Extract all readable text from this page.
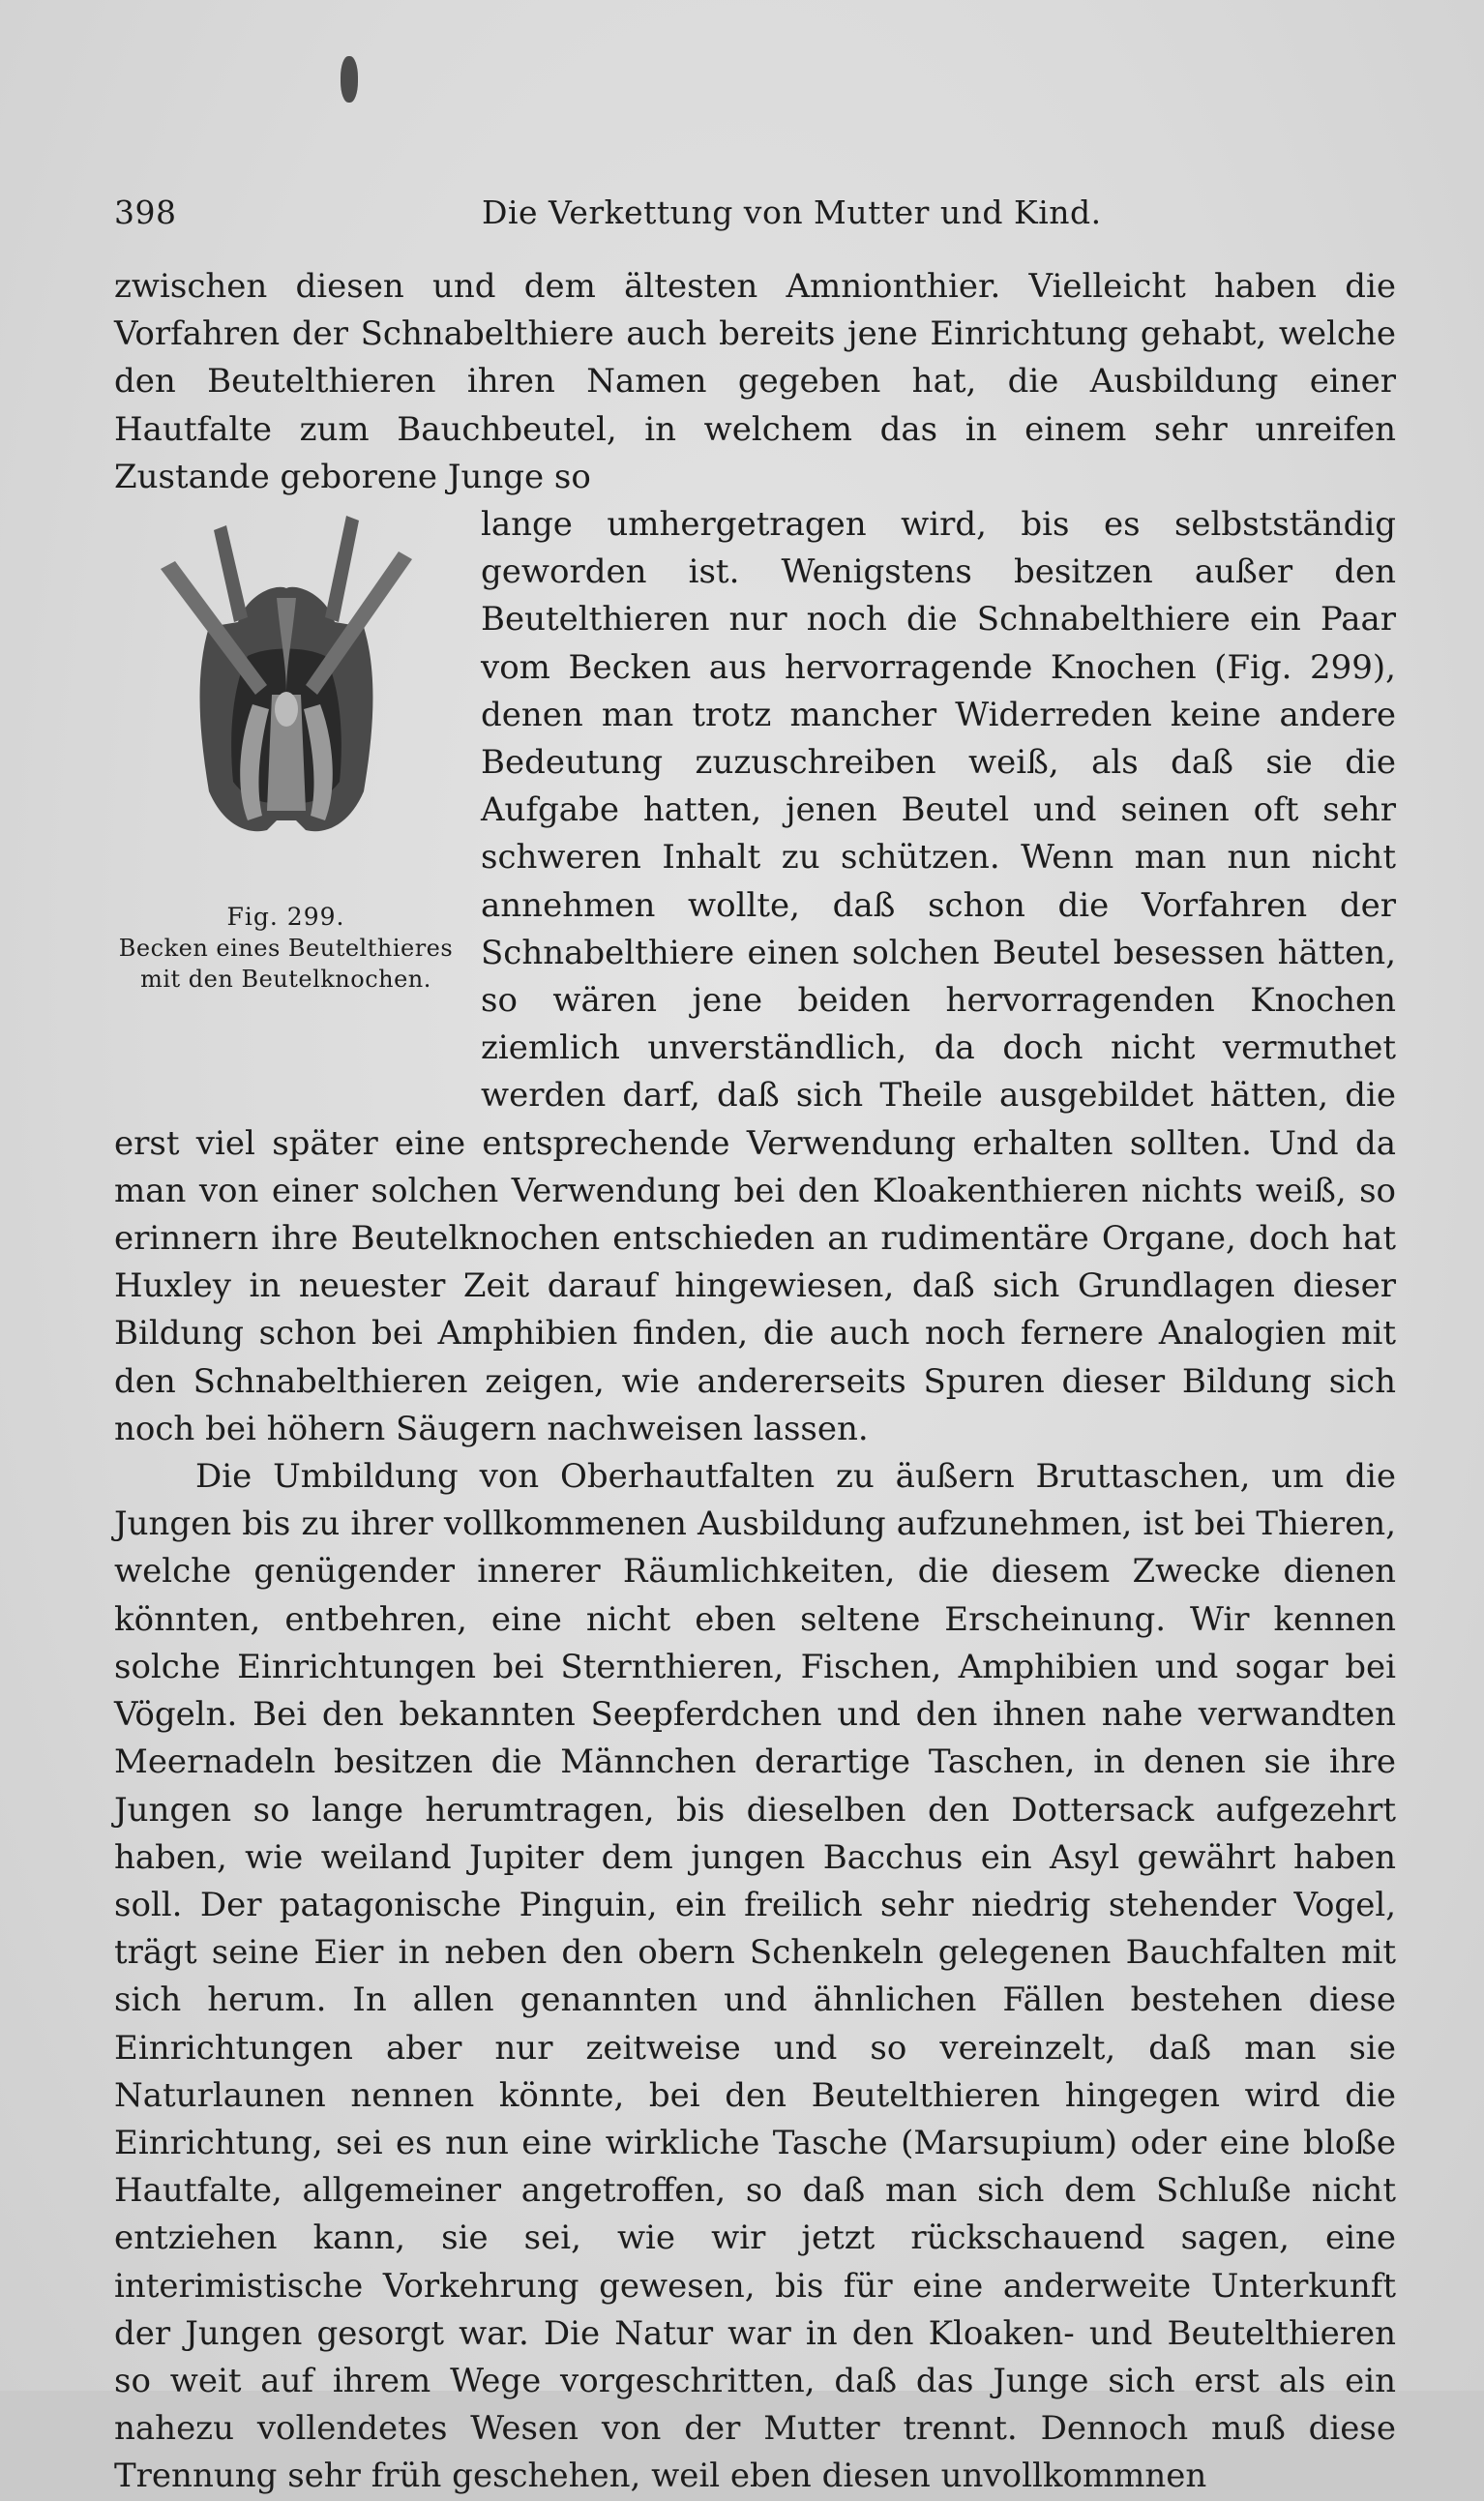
398	Die Verkettung von Mutter und Kind.

zwischen diesen und dem ältesten Amnionthier. Vielleicht haben die Vorfahren der Schnabelthiere auch bereits jene Einrichtung gehabt, welche den Beutelthieren ihren Namen gegeben hat, die Ausbildung einer Hautfalte zum Bauchbeutel, in welchem das in einem sehr unreifen Zustande geborene Junge so

Fig. 299.
Becken eines Beutelthieres
mit den Beutelknochen.

lange umhergetragen wird, bis es selbstständig geworden ist. Wenigstens besitzen außer den Beutelthieren nur noch die Schnabelthiere ein Paar vom Becken aus hervorragende Knochen (Fig. 299), denen man trotz mancher Widerreden keine andere Bedeutung zuzuschreiben weiß, als daß sie die Aufgabe hatten, jenen Beutel und seinen oft sehr schweren Inhalt zu schützen. Wenn man nun nicht annehmen wollte, daß schon die Vorfahren der Schnabelthiere einen solchen Beutel besessen hätten, so wären jene beiden hervorragenden Knochen ziemlich unverständlich, da doch nicht vermuthet werden darf, daß sich Theile ausgebildet hätten, die erst viel später eine entsprechende Verwendung erhalten sollten. Und da man von einer solchen Verwendung bei den Kloakenthieren nichts weiß, so erinnern ihre Beutelknochen entschieden an rudimentäre Organe, doch hat Huxley in neuester Zeit darauf hingewiesen, daß sich Grundlagen dieser Bildung schon bei Amphibien finden, die auch noch fernere Analogien mit den Schnabelthieren zeigen, wie andererseits Spuren dieser Bildung sich noch bei höhern Säugern nachweisen lassen.

Die Umbildung von Oberhautfalten zu äußern Bruttaschen, um die Jungen bis zu ihrer vollkommenen Ausbildung aufzunehmen, ist bei Thieren, welche genügender innerer Räumlichkeiten, die diesem Zwecke dienen könnten, entbehren, eine nicht eben seltene Erscheinung. Wir kennen solche Einrichtungen bei Sternthieren, Fischen, Amphibien und sogar bei Vögeln. Bei den bekannten Seepferdchen und den ihnen nahe verwandten Meernadeln besitzen die Männchen derartige Taschen, in denen sie ihre Jungen so lange herumtragen, bis dieselben den Dottersack aufgezehrt haben, wie weiland Jupiter dem jungen Bacchus ein Asyl gewährt haben soll. Der patagonische Pinguin, ein freilich sehr niedrig stehender Vogel, trägt seine Eier in neben den obern Schenkeln gelegenen Bauchfalten mit sich herum. In allen genannten und ähnlichen Fällen bestehen diese Einrichtungen aber nur zeitweise und so vereinzelt, daß man sie Naturlaunen nennen könnte, bei den Beutelthieren hingegen wird die Einrichtung, sei es nun eine wirkliche Tasche (Marsupium) oder eine bloße Hautfalte, allgemeiner angetroffen, so daß man sich dem Schluße nicht entziehen kann, sie sei, wie wir jetzt rückschauend sagen, eine interimistische Vorkehrung gewesen, bis für eine anderweite Unterkunft der Jungen gesorgt war. Die Natur war in den Kloaken- und Beutelthieren so weit auf ihrem Wege vorgeschritten, daß das Junge sich erst als ein nahezu vollendetes Wesen von der Mutter trennt. Dennoch muß diese Trennung sehr früh geschehen, weil eben diesen unvollkommnen
